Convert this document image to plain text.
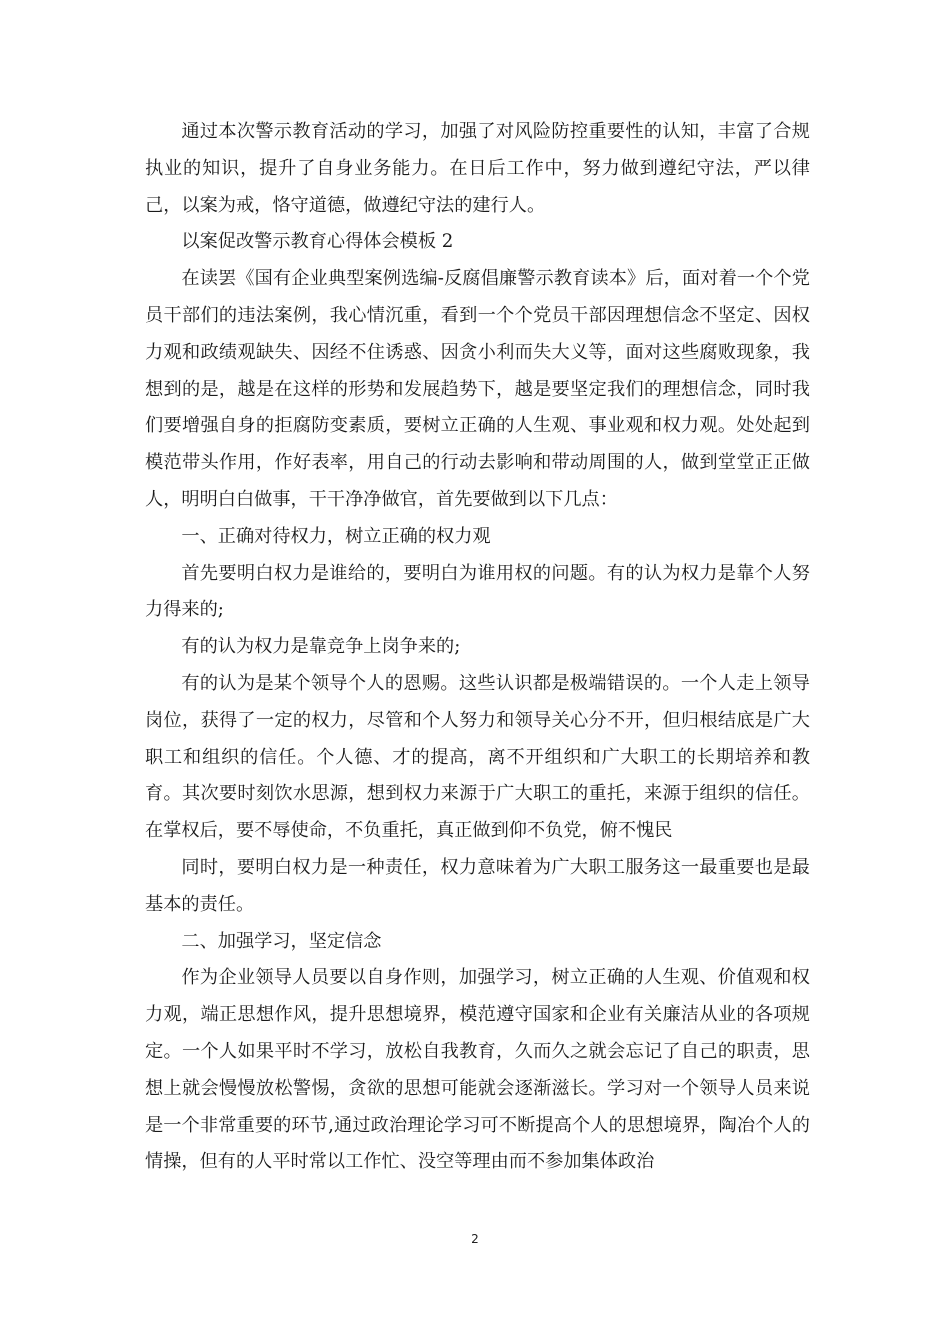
通过本次警示教育活动的学习，加强了对风险防控重要性的认知，丰富了合规执业的知识，提升了自身业务能力。在日后工作中，努力做到遵纪守法，严以律己，以案为戒，恪守道德，做遵纪守法的建行人。

以案促改警示教育心得体会模板 2

在读罢《国有企业典型案例选编-反腐倡廉警示教育读本》后，面对着一个个党员干部们的违法案例，我心情沉重，看到一个个党员干部因理想信念不坚定、因权力观和政绩观缺失、因经不住诱惑、因贪小利而失大义等，面对这些腐败现象，我想到的是，越是在这样的形势和发展趋势下，越是要坚定我们的理想信念，同时我们要增强自身的拒腐防变素质，要树立正确的人生观、事业观和权力观。处处起到模范带头作用，作好表率，用自己的行动去影响和带动周围的人，做到堂堂正正做人，明明白白做事，干干净净做官，首先要做到以下几点：

一、正确对待权力，树立正确的权力观

首先要明白权力是谁给的，要明白为谁用权的问题。有的认为权力是靠个人努力得来的;

有的认为权力是靠竞争上岗争来的;

有的认为是某个领导个人的恩赐。这些认识都是极端错误的。一个人走上领导岗位，获得了一定的权力，尽管和个人努力和领导关心分不开，但归根结底是广大职工和组织的信任。个人德、才的提高，离不开组织和广大职工的长期培养和教育。其次要时刻饮水思源，想到权力来源于广大职工的重托，来源于组织的信任。在掌权后，要不辱使命，不负重托，真正做到仰不负党，俯不愧民

同时，要明白权力是一种责任，权力意味着为广大职工服务这一最重要也是最基本的责任。

二、加强学习，坚定信念

作为企业领导人员要以自身作则，加强学习，树立正确的人生观、价值观和权力观，端正思想作风，提升思想境界，模范遵守国家和企业有关廉洁从业的各项规定。一个人如果平时不学习，放松自我教育，久而久之就会忘记了自己的职责，思想上就会慢慢放松警惕，贪欲的思想可能就会逐渐滋长。学习对一个领导人员来说是一个非常重要的环节,通过政治理论学习可不断提高个人的思想境界，陶冶个人的情操，但有的人平时常以工作忙、没空等理由而不参加集体政治

2
